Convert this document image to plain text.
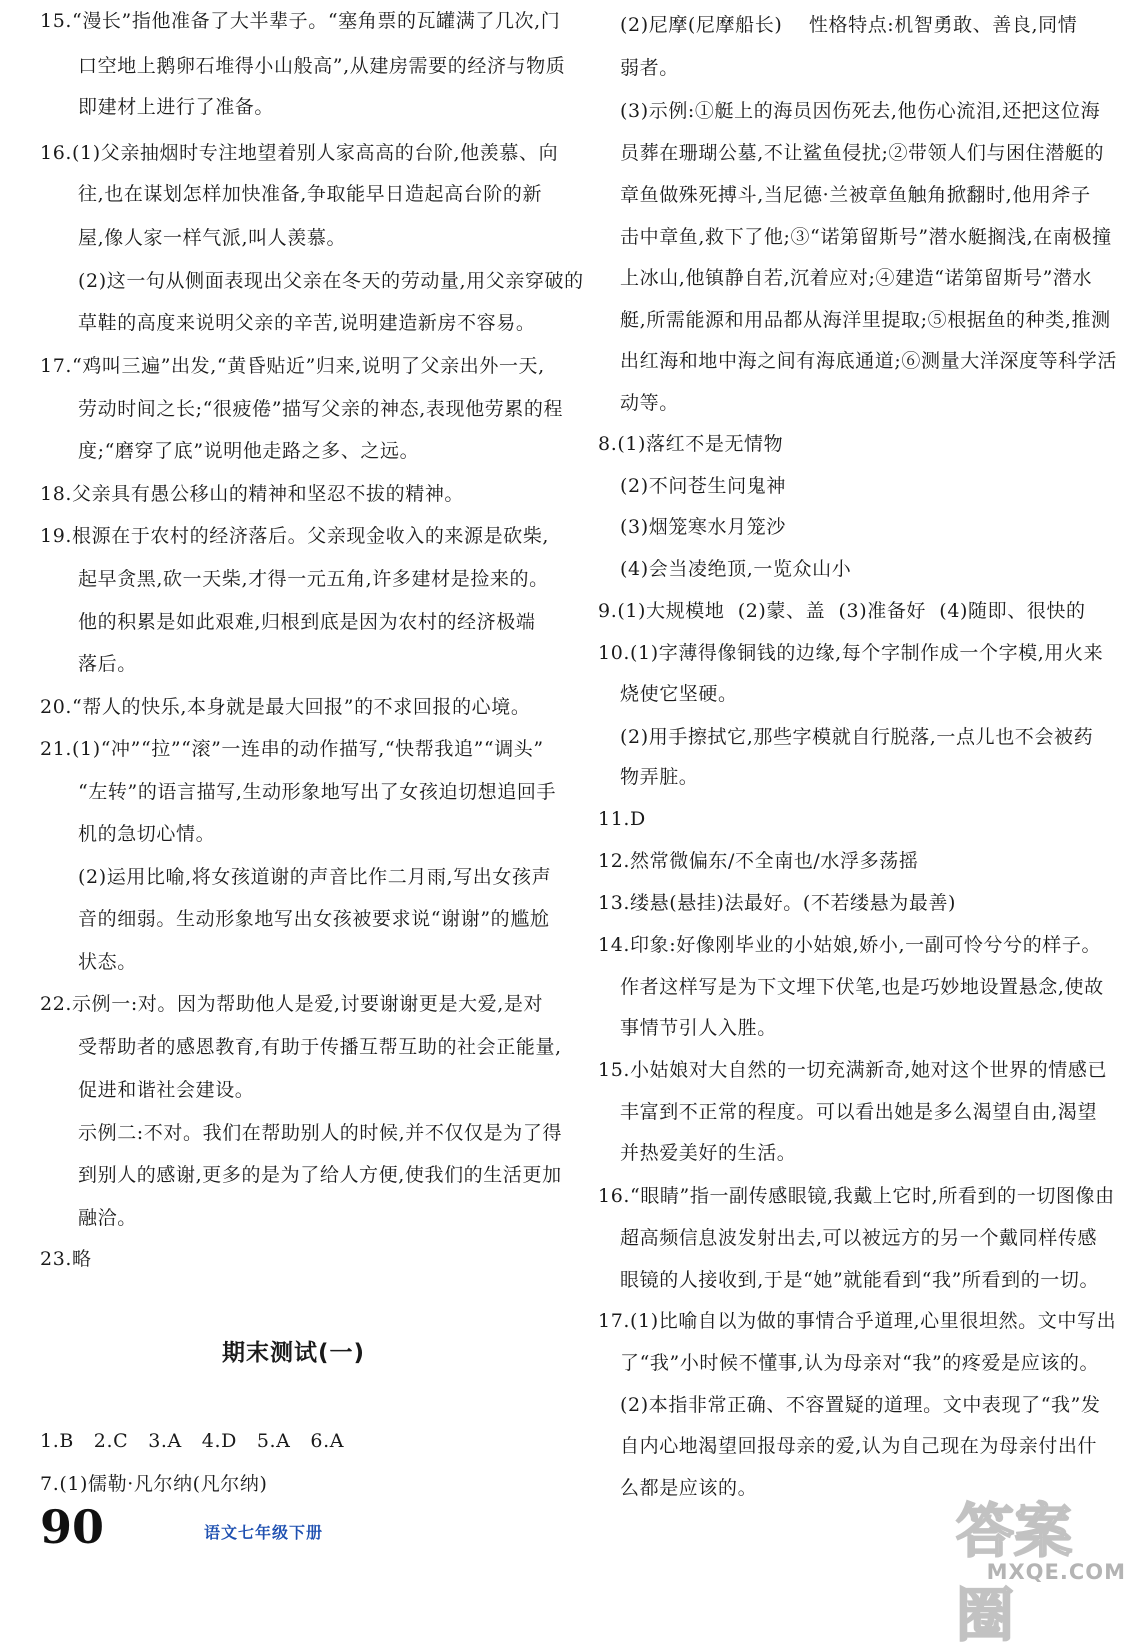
15.“漫长”指他准备了大半辈子。“塞角票的瓦罐满了几次,门
口空地上鹅卵石堆得小山般高”,从建房需要的经济与物质
即建材上进行了准备。
16.(1)父亲抽烟时专注地望着别人家高高的台阶,他羡慕、向
往,也在谋划怎样加快准备,争取能早日造起高台阶的新
屋,像人家一样气派,叫人羡慕。
(2)这一句从侧面表现出父亲在冬天的劳动量,用父亲穿破的
草鞋的高度来说明父亲的辛苦,说明建造新房不容易。
17.“鸡叫三遍”出发,“黄昏贴近”归来,说明了父亲出外一天,
劳动时间之长;“很疲倦”描写父亲的神态,表现他劳累的程
度;“磨穿了底”说明他走路之多、之远。
18.父亲具有愚公移山的精神和坚忍不拔的精神。
19.根源在于农村的经济落后。父亲现金收入的来源是砍柴,
起早贪黑,砍一天柴,才得一元五角,许多建材是捡来的。
他的积累是如此艰难,归根到底是因为农村的经济极端
落后。
20.“帮人的快乐,本身就是最大回报”的不求回报的心境。
21.(1)“冲”“拉”“滚”一连串的动作描写,“快帮我追”“调头”
“左转”的语言描写,生动形象地写出了女孩迫切想追回手
机的急切心情。
(2)运用比喻,将女孩道谢的声音比作二月雨,写出女孩声
音的细弱。生动形象地写出女孩被要求说“谢谢”的尴尬
状态。
22.示例一:对。因为帮助他人是爱,讨要谢谢更是大爱,是对
受帮助者的感恩教育,有助于传播互帮互助的社会正能量,
促进和谐社会建设。
示例二:不对。我们在帮助别人的时候,并不仅仅是为了得
到别人的感谢,更多的是为了给人方便,使我们的生活更加
融洽。
23.略
1.B   2.C   3.A   4.D   5.A   6.A
7.(1)儒勒·凡尔纳(凡尔纳)
期末测试(一)
(2)尼摩(尼摩船长)    性格特点:机智勇敢、善良,同情
弱者。
(3)示例:①艇上的海员因伤死去,他伤心流泪,还把这位海
员葬在珊瑚公墓,不让鲨鱼侵扰;②带领人们与困住潜艇的
章鱼做殊死搏斗,当尼德·兰被章鱼触角掀翻时,他用斧子
击中章鱼,救下了他;③“诺第留斯号”潜水艇搁浅,在南极撞
上冰山,他镇静自若,沉着应对;④建造“诺第留斯号”潜水
艇,所需能源和用品都从海洋里提取;⑤根据鱼的种类,推测
出红海和地中海之间有海底通道;⑥测量大洋深度等科学活
动等。
8.(1)落红不是无情物
(2)不问苍生问鬼神
(3)烟笼寒水月笼沙
(4)会当凌绝顶,一览众山小
9.(1)大规模地  (2)蒙、盖  (3)准备好  (4)随即、很快的
10.(1)字薄得像铜钱的边缘,每个字制作成一个字模,用火来
烧使它坚硬。
(2)用手擦拭它,那些字模就自行脱落,一点儿也不会被药
物弄脏。
11.D
12.然常微偏东/不全南也/水浮多荡摇
13.缕悬(悬挂)法最好。(不若缕悬为最善)
14.印象:好像刚毕业的小姑娘,娇小,一副可怜兮兮的样子。
作者这样写是为下文埋下伏笔,也是巧妙地设置悬念,使故
事情节引人入胜。
15.小姑娘对大自然的一切充满新奇,她对这个世界的情感已
丰富到不正常的程度。可以看出她是多么渴望自由,渴望
并热爱美好的生活。
16.“眼睛”指一副传感眼镜,我戴上它时,所看到的一切图像由
超高频信息波发射出去,可以被远方的另一个戴同样传感
眼镜的人接收到,于是“她”就能看到“我”所看到的一切。
17.(1)比喻自以为做的事情合乎道理,心里很坦然。文中写出
了“我”小时候不懂事,认为母亲对“我”的疼爱是应该的。
(2)本指非常正确、不容置疑的道理。文中表现了“我”发
自内心地渴望回报母亲的爱,认为自己现在为母亲付出什
么都是应该的。
90	语文七年级下册	答案圈
MXQE.COM
